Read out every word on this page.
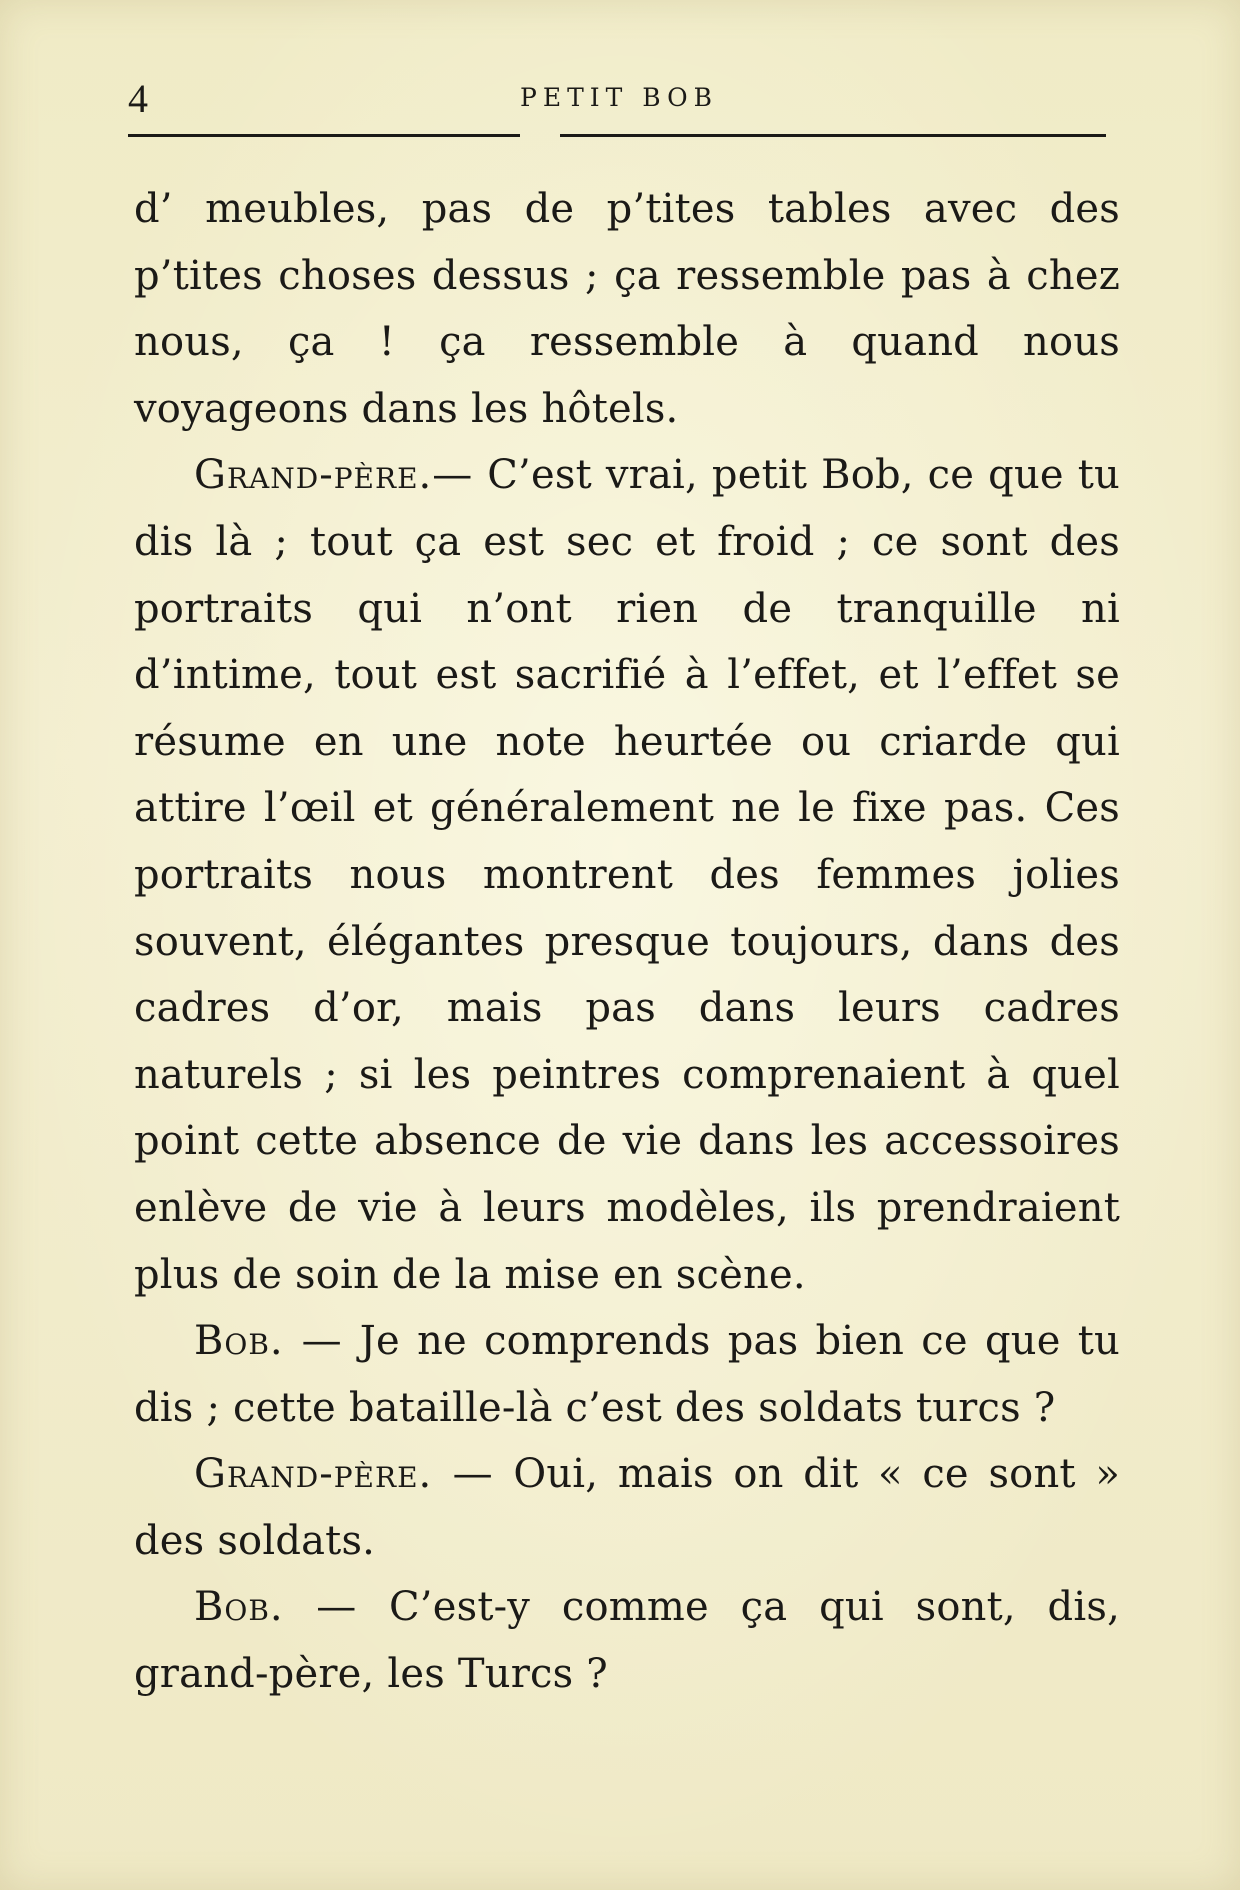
4	PETIT BOB

d’ meubles, pas de p’tites tables avec des p’tites choses dessus ; ça ressemble pas à chez nous, ça ! ça ressemble à quand nous voyageons dans les hôtels.

Grand-père.— C’est vrai, petit Bob, ce que tu dis là ; tout ça est sec et froid ; ce sont des portraits qui n’ont rien de tranquille ni d’intime, tout est sacrifié à l’effet, et l’effet se résume en une note heurtée ou criarde qui attire l’œil et généralement ne le fixe pas. Ces portraits nous montrent des femmes jolies souvent, élégantes presque toujours, dans des cadres d’or, mais pas dans leurs cadres naturels ; si les peintres comprenaient à quel point cette absence de vie dans les accessoires enlève de vie à leurs modèles, ils prendraient plus de soin de la mise en scène.

Bob. — Je ne comprends pas bien ce que tu dis ; cette bataille-là c’est des soldats turcs ?

Grand-père. — Oui, mais on dit « ce sont » des soldats.

Bob. — C’est-y comme ça qui sont, dis, grand-père, les Turcs ?
